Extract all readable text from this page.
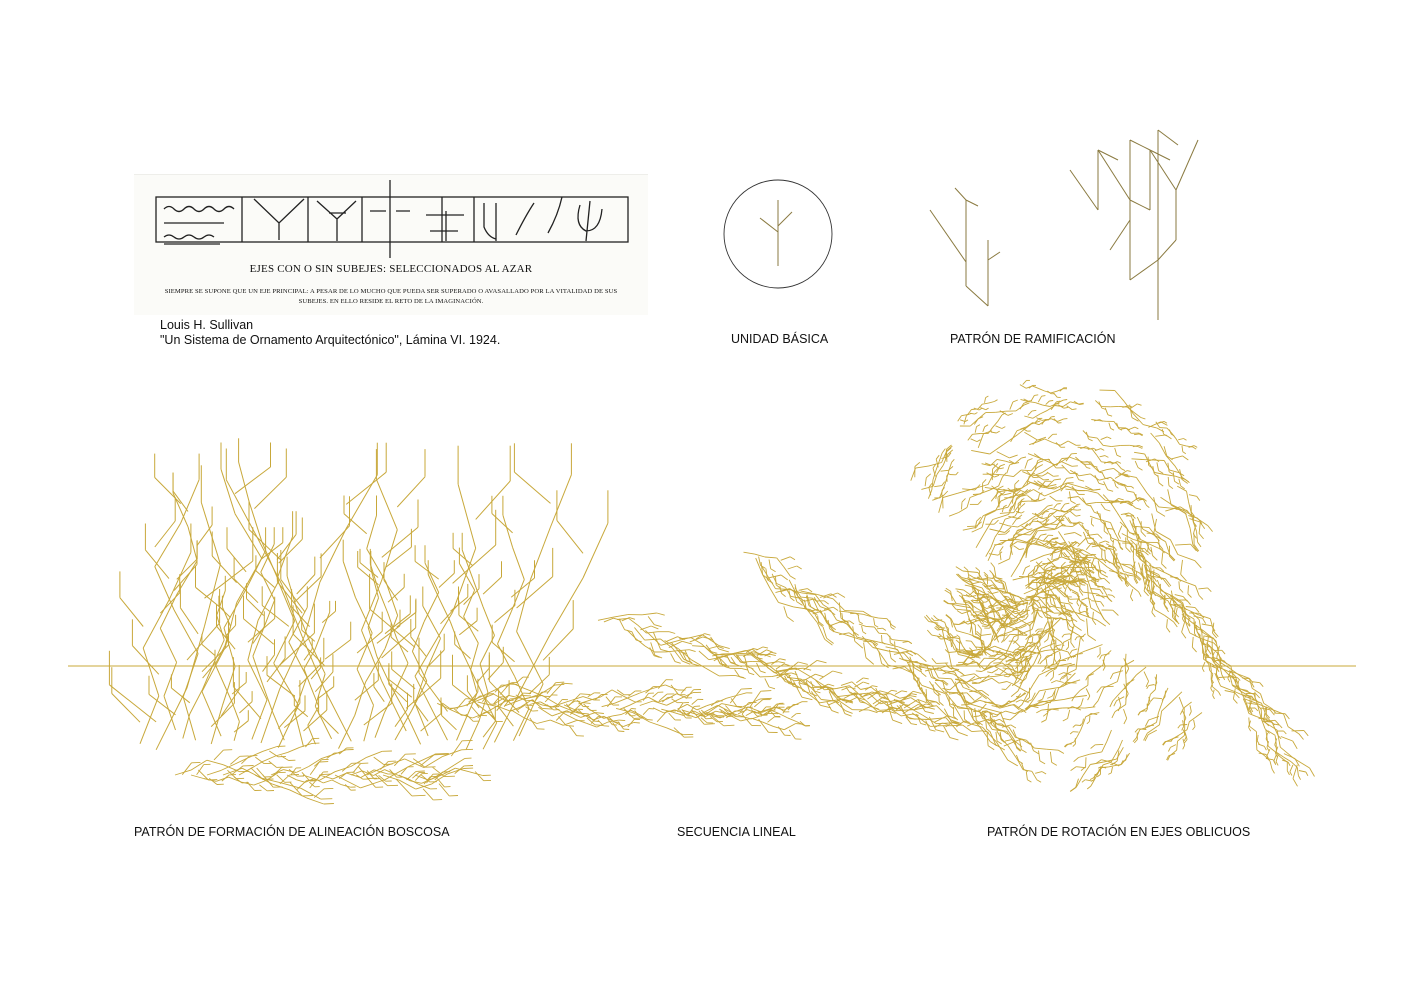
EJES CON O SIN SUBEJES: SELECCIONADOS AL AZAR
SIEMPRE SE SUPONE QUE UN EJE PRINCIPAL: A PESAR DE LO MUCHO QUE PUEDA SER SUPERADO O AVASALLADO POR LA VITALIDAD DE SUS SUBEJES. EN ELLO RESIDE EL RETO DE LA IMAGINACIÓN.
Louis H. Sullivan
"Un Sistema de Ornamento Arquitectónico", Lámina VI. 1924.	UNIDAD BÁSICA	PATRÓN DE RAMIFICACIÓN
PATRÓN DE FORMACIÓN DE ALINEACIÓN BOSCOSA	SECUENCIA LINEAL	PATRÓN DE ROTACIÓN EN EJES OBLICUOS
